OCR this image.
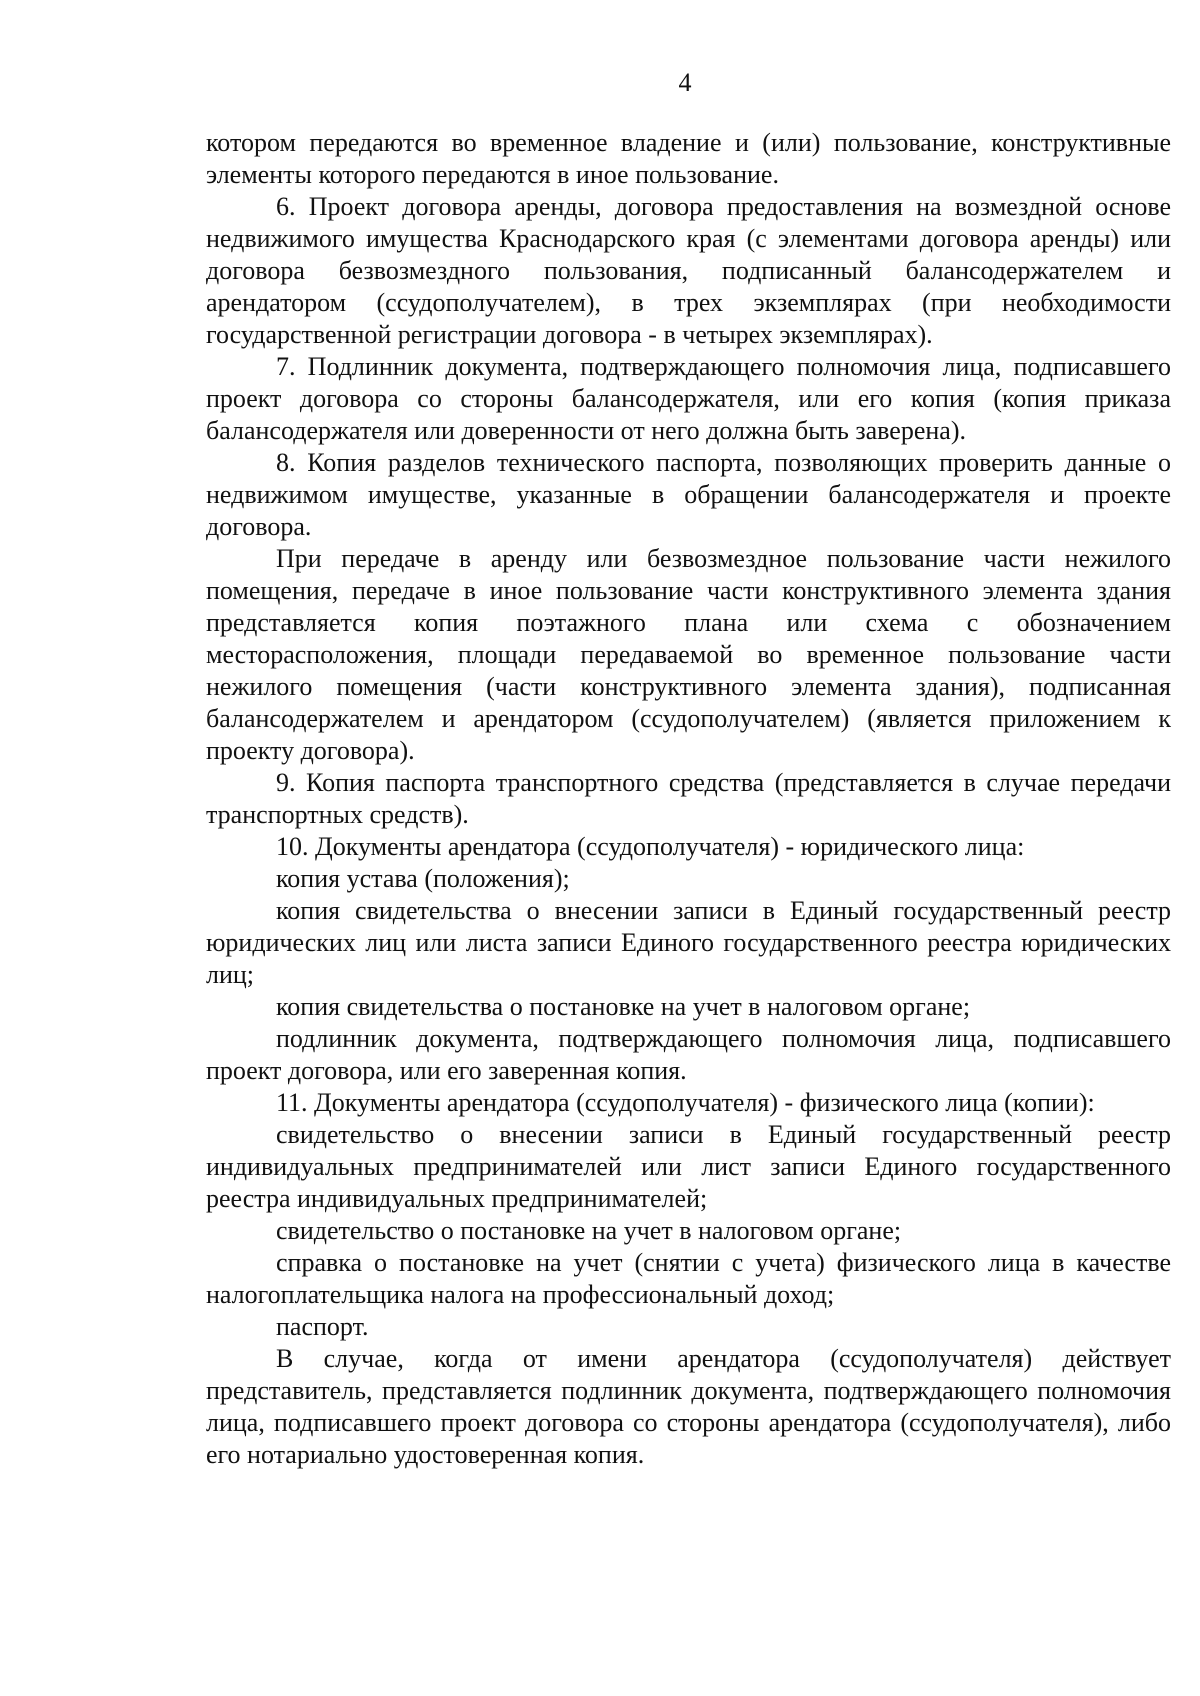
4

котором передаются во временное владение и (или) пользование, конструктивные элементы которого передаются в иное пользование.

6. Проект договора аренды, договора предоставления на возмездной основе недвижимого имущества Краснодарского края (с элементами договора аренды) или договора безвозмездного пользования, подписанный балансодержателем и арендатором (ссудополучателем), в трех экземплярах (при необходимости государственной регистрации договора - в четырех экземплярах).

7. Подлинник документа, подтверждающего полномочия лица, подписавшего проект договора со стороны балансодержателя, или его копия (копия приказа балансодержателя или доверенности от него должна быть заверена).

8. Копия разделов технического паспорта, позволяющих проверить данные о недвижимом имуществе, указанные в обращении балансодержателя и проекте договора.

При передаче в аренду или безвозмездное пользование части нежилого помещения, передаче в иное пользование части конструктивного элемента здания представляется копия поэтажного плана или схема с обозначением месторасположения, площади передаваемой во временное пользование части нежилого помещения (части конструктивного элемента здания), подписанная балансодержателем и арендатором (ссудополучателем) (является приложением к проекту договора).

9. Копия паспорта транспортного средства (представляется в случае передачи транспортных средств).

10. Документы арендатора (ссудополучателя) - юридического лица:

копия устава (положения);

копия свидетельства о внесении записи в Единый государственный реестр юридических лиц или листа записи Единого государственного реестра юридических лиц;

копия свидетельства о постановке на учет в налоговом органе;

подлинник документа, подтверждающего полномочия лица, подписавшего проект договора, или его заверенная копия.

11. Документы арендатора (ссудополучателя) - физического лица (копии):

свидетельство о внесении записи в Единый государственный реестр индивидуальных предпринимателей или лист записи Единого государственного реестра индивидуальных предпринимателей;

свидетельство о постановке на учет в налоговом органе;

справка о постановке на учет (снятии с учета) физического лица в качестве налогоплательщика налога на профессиональный доход;

паспорт.

В случае, когда от имени арендатора (ссудополучателя) действует представитель, представляется подлинник документа, подтверждающего полномочия лица, подписавшего проект договора со стороны арендатора (ссудополучателя), либо его нотариально удостоверенная копия.
